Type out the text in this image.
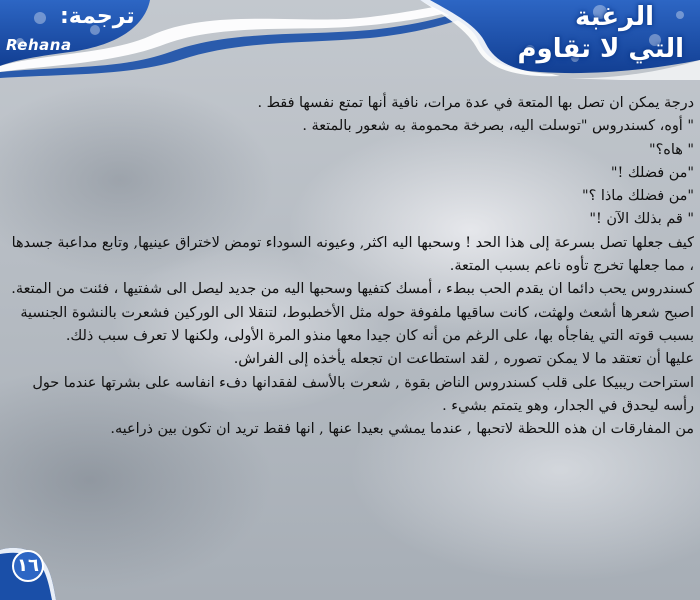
ترجمة:

Rehana

الرغبة

التي لا تقاوم

درجة يمكن ان تصل بها المتعة في عدة مرات، نافية أنها تمتع نفسها فقط .

" أوه، كسندروس "توسلت اليه، بصرخة محمومة به شعور بالمتعة .

" هاه؟"

"من فضلك !"

"من فضلك ماذا ؟"

" قم بذلك الآن !"

كيف جعلها تصل بسرعة إلى هذا الحد ! وسحبها اليه اكثر, وعيونه السوداء تومض لاختراق عينيها, وتابع مداعبة جسدها ، مما جعلها تخرج تأوه ناعم بسبب المتعة.

كسندروس يحب دائما ان يقدم الحب ببطء ، أمسك كتفيها وسحبها اليه من جديد ليصل الى شفتيها ، فئنت من المتعة.

اصبح شعرها أشعث ولهثت، كانت ساقيها ملفوفة حوله مثل الأخطبوط، لتنقلا الى الوركين فشعرت بالنشوة الجنسية بسبب قوته التي يفاجأه بها، على الرغم من أنه كان جيدا معها منذو المرة الأولى، ولكنها لا تعرف سبب ذلك.

عليها أن تعتقد ما لا يمكن تصوره , لقد استطاعت ان تجعله يأخذه إلى الفراش.

استراحت ريبيكا على قلب كسندروس الناض بقوة , شعرت بالأسف لفقدانها دفء انفاسه على بشرتها عندما حول رأسه ليحدق في الجدار، وهو يتمتم بشيء .

من المفارقات ان هذه اللحظة لاتحبها , عندما يمشي بعيدا عنها , انها فقط تريد ان تكون بين ذراعيه.

١٦
